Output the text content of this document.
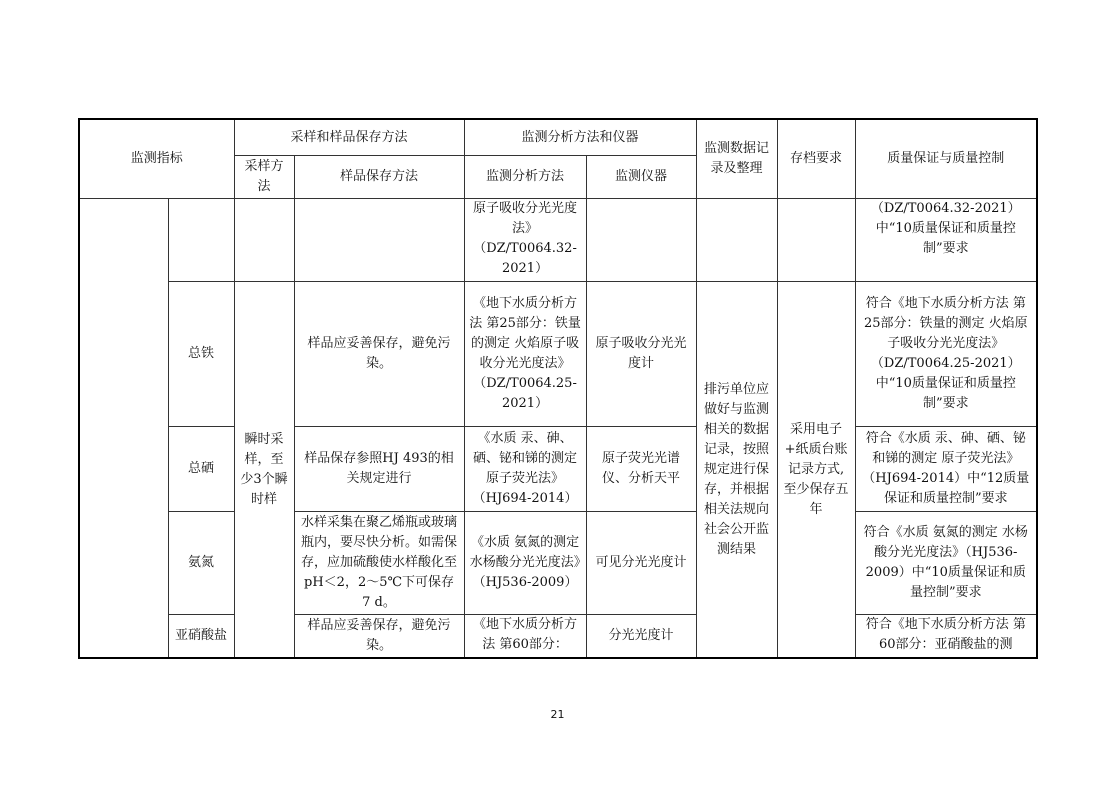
监测指标		采样和样品保存方法		监测分析方法和仪器		监测数据记录及整理	存档要求	质量保证与质量控制
		采样方法	样品保存方法	监测分析方法	监测仪器			
				原子吸收分光光度法》（DZ/T0064.32-2021）				（DZ/T0064.32-2021）中“10质量保证和质量控制”要求
	总铁	瞬时采样，至少3个瞬时样	样品应妥善保存，避免污染。	《地下水质分析方法 第25部分：铁量的测定 火焰原子吸收分光光度法》（DZ/T0064.25-2021）	原子吸收分光光度计	排污单位应做好与监测相关的数据记录，按照规定进行保存，并根据相关法规向社会公开监测结果	采用电子+纸质台账记录方式,至少保存五年	符合《地下水质分析方法 第25部分：铁量的测定 火焰原子吸收分光光度法》（DZ/T0064.25-2021）中“10质量保证和质量控制”要求
	总硒		样品保存参照HJ 493的相关规定进行	《水质 汞、砷、硒、铋和锑的测定 原子荧光法》（HJ694-2014）	原子荧光光谱仪、分析天平			符合《水质 汞、砷、硒、铋和锑的测定 原子荧光法》（HJ694-2014）中“12质量保证和质量控制”要求
	氨氮		水样采集在聚乙烯瓶或玻璃瓶内，要尽快分析。如需保存，应加硫酸使水样酸化至 pH＜2，2～5℃下可保存 7 d。	《水质 氨氮的测定 水杨酸分光光度法》（HJ536-2009）	可见分光光度计			符合《水质 氨氮的测定 水杨酸分光光度法》（HJ536-2009）中“10质量保证和质量控制”要求
	亚硝酸盐		样品应妥善保存，避免污染。	《地下水质分析方法 第60部分：	分光光度计			符合《地下水质分析方法 第60部分：亚硝酸盐的测
21
